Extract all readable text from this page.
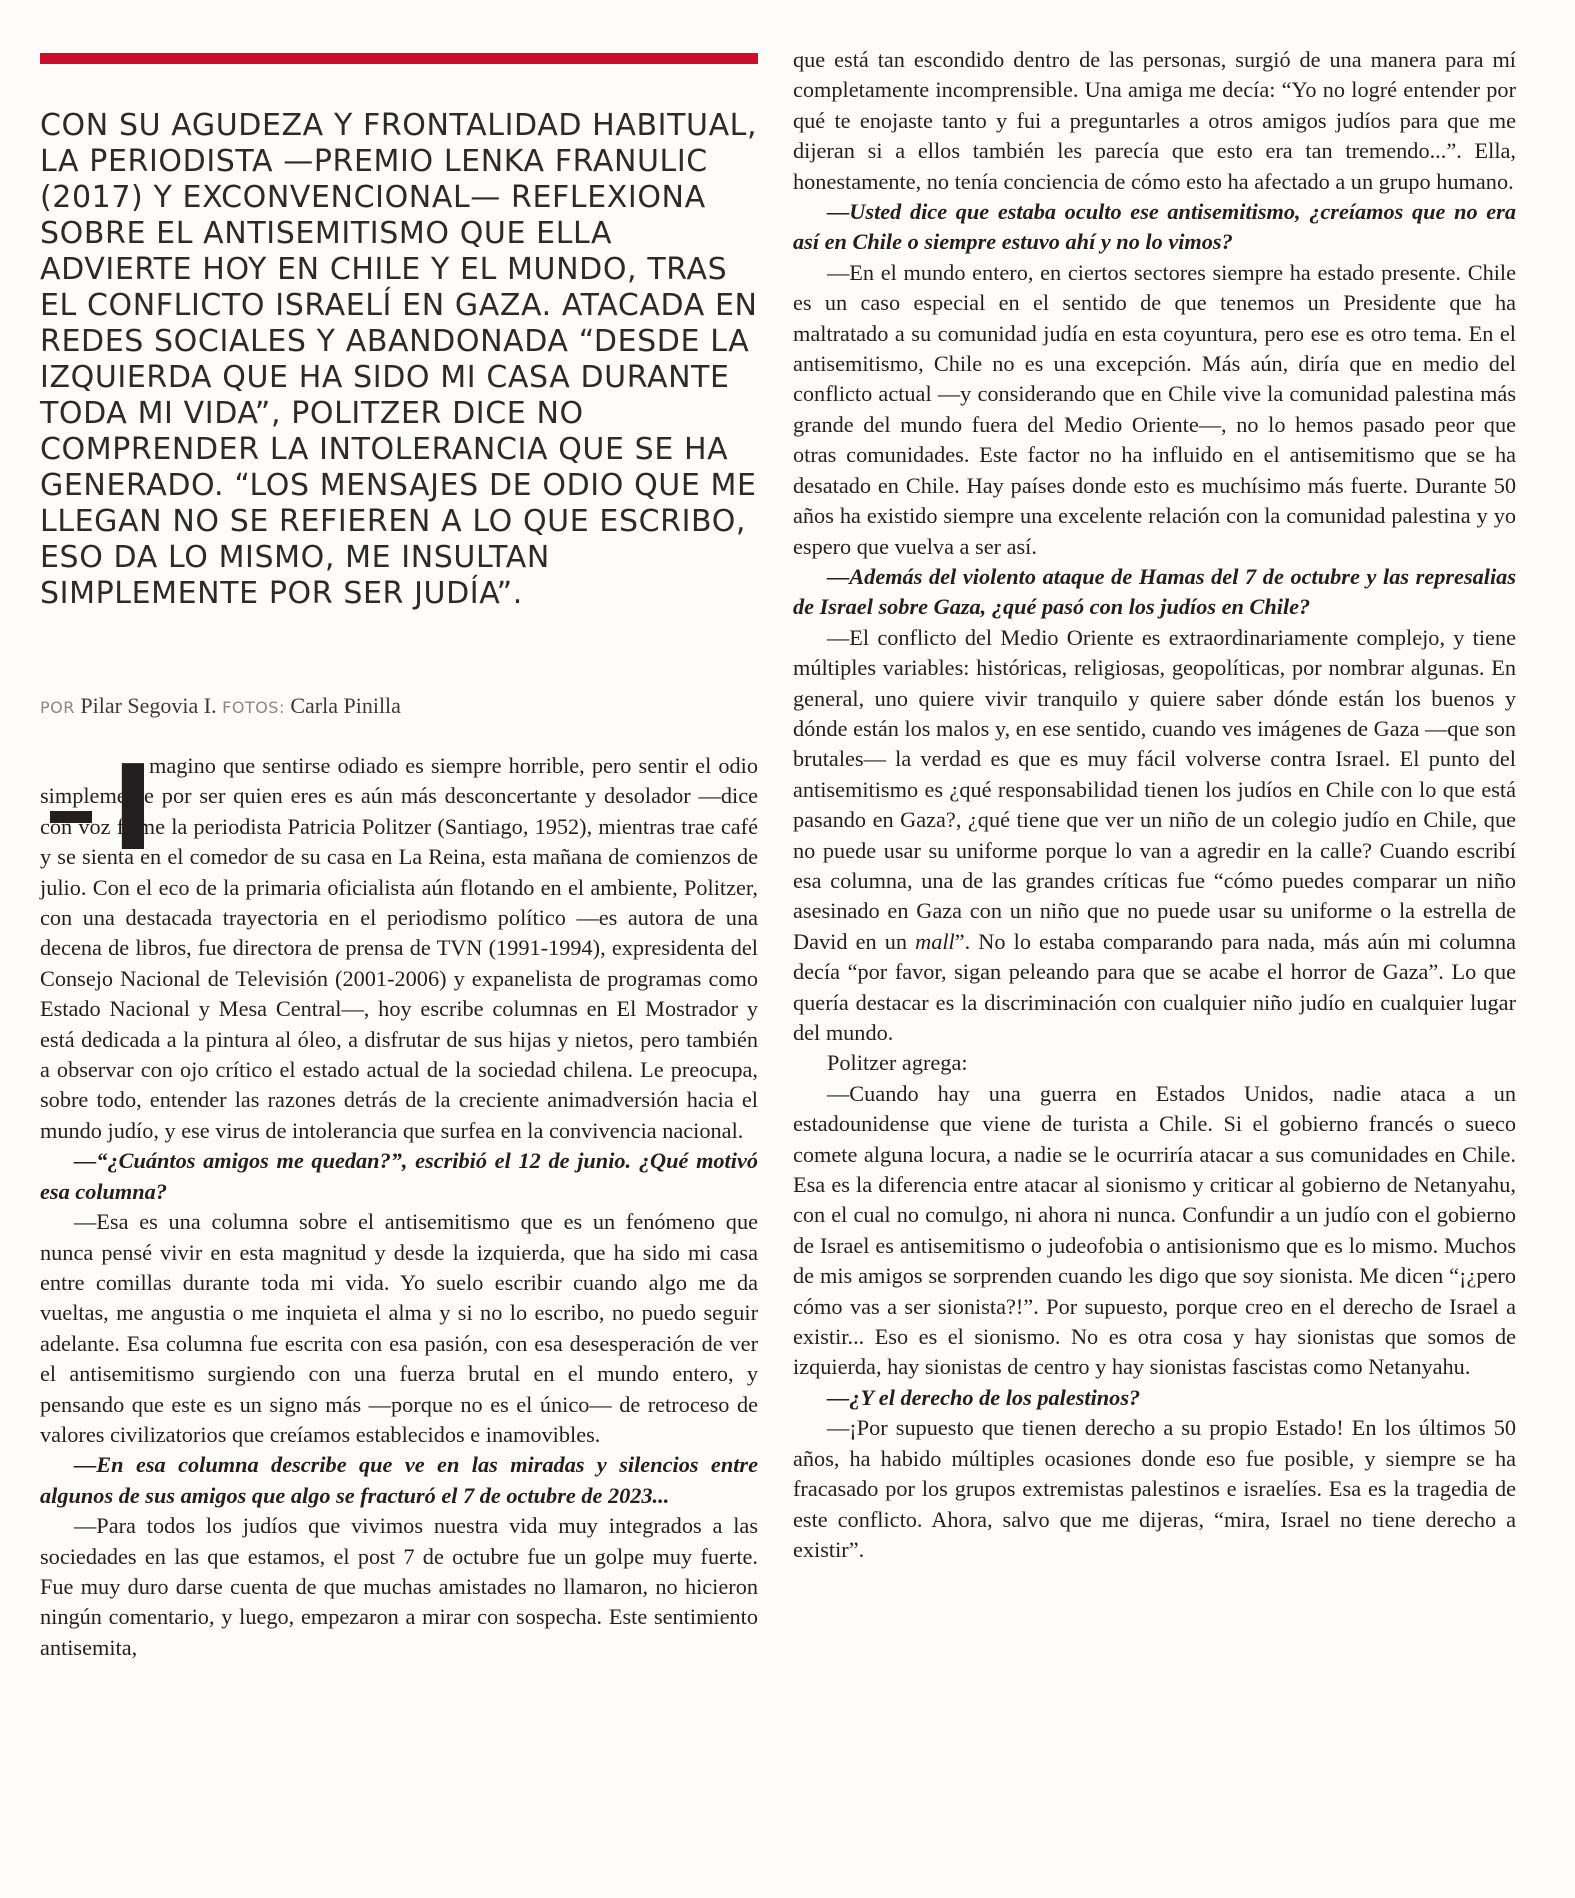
CON SU AGUDEZA Y FRONTALIDAD HABITUAL, LA PERIODISTA —PREMIO LENKA FRANULIC (2017) Y EXCONVENCIONAL— REFLEXIONA SOBRE EL ANTISEMITISMO QUE ELLA ADVIERTE HOY EN CHILE Y EL MUNDO, TRAS EL CONFLICTO ISRAELÍ EN GAZA. ATACADA EN REDES SOCIALES Y ABANDONADA “DESDE LA IZQUIERDA QUE HA SIDO MI CASA DURANTE TODA MI VIDA”, POLITZER DICE NO COMPRENDER LA INTOLERANCIA QUE SE HA GENERADO. “LOS MENSAJES DE ODIO QUE ME LLEGAN NO SE REFIEREN A LO QUE ESCRIBO, ESO DA LO MISMO, ME INSULTAN SIMPLEMENTE POR SER JUDÍA”.

POR Pilar Segovia I. FOTOS: Carla Pinilla

I

magino que sentirse odiado es siempre horrible, pero sentir el odio simplemente por ser quien eres es aún más desconcertante y desolador —dice con voz firme la periodista Patricia Politzer (Santiago, 1952), mientras trae café y se sienta en el comedor de su casa en La Reina, esta mañana de comienzos de julio. Con el eco de la primaria oficialista aún flotando en el ambiente, Politzer, con una destacada trayectoria en el periodismo político —es autora de una decena de libros, fue directora de prensa de TVN (1991-1994), expresidenta del Consejo Nacional de Televisión (2001-2006) y expanelista de programas como Estado Nacional y Mesa Central—, hoy escribe columnas en El Mostrador y está dedicada a la pintura al óleo, a disfrutar de sus hijas y nietos, pero también a observar con ojo crítico el estado actual de la sociedad chilena. Le preocupa, sobre todo, entender las razones detrás de la creciente animadversión hacia el mundo judío, y ese virus de intolerancia que surfea en la convivencia nacional.

—“¿Cuántos amigos me quedan?”, escribió el 12 de junio. ¿Qué motivó esa columna?

—Esa es una columna sobre el antisemitismo que es un fenómeno que nunca pensé vivir en esta magnitud y desde la izquierda, que ha sido mi casa entre comillas durante toda mi vida. Yo suelo escribir cuando algo me da vueltas, me angustia o me inquieta el alma y si no lo escribo, no puedo seguir adelante. Esa columna fue escrita con esa pasión, con esa desesperación de ver el antisemitismo surgiendo con una fuerza brutal en el mundo entero, y pensando que este es un signo más —porque no es el único— de retroceso de valores civilizatorios que creíamos establecidos e inamovibles.

—En esa columna describe que ve en las miradas y silencios entre algunos de sus amigos que algo se fracturó el 7 de octubre de 2023...

—Para todos los judíos que vivimos nuestra vida muy integrados a las sociedades en las que estamos, el post 7 de octubre fue un golpe muy fuerte. Fue muy duro darse cuenta de que muchas amistades no llamaron, no hicieron ningún comentario, y luego, empezaron a mirar con sospecha. Este sentimiento antisemita,

que está tan escondido dentro de las personas, surgió de una manera para mí completamente incomprensible. Una amiga me decía: “Yo no logré entender por qué te enojaste tanto y fui a preguntarles a otros amigos judíos para que me dijeran si a ellos también les parecía que esto era tan tremendo...”. Ella, honestamente, no tenía conciencia de cómo esto ha afectado a un grupo humano.

—Usted dice que estaba oculto ese antisemitismo, ¿creíamos que no era así en Chile o siempre estuvo ahí y no lo vimos?

—En el mundo entero, en ciertos sectores siempre ha estado presente. Chile es un caso especial en el sentido de que tenemos un Presidente que ha maltratado a su comunidad judía en esta coyuntura, pero ese es otro tema. En el antisemitismo, Chile no es una excepción. Más aún, diría que en medio del conflicto actual —y considerando que en Chile vive la comunidad palestina más grande del mundo fuera del Medio Oriente—, no lo hemos pasado peor que otras comunidades. Este factor no ha influido en el antisemitismo que se ha desatado en Chile. Hay países donde esto es muchísimo más fuerte. Durante 50 años ha existido siempre una excelente relación con la comunidad palestina y yo espero que vuelva a ser así.

—Además del violento ataque de Hamas del 7 de octubre y las represalias de Israel sobre Gaza, ¿qué pasó con los judíos en Chile?

—El conflicto del Medio Oriente es extraordinariamente complejo, y tiene múltiples variables: históricas, religiosas, geopolíticas, por nombrar algunas. En general, uno quiere vivir tranquilo y quiere saber dónde están los buenos y dónde están los malos y, en ese sentido, cuando ves imágenes de Gaza —que son brutales— la verdad es que es muy fácil volverse contra Israel. El punto del antisemitismo es ¿qué responsabilidad tienen los judíos en Chile con lo que está pasando en Gaza?, ¿qué tiene que ver un niño de un colegio judío en Chile, que no puede usar su uniforme porque lo van a agredir en la calle? Cuando escribí esa columna, una de las grandes críticas fue “cómo puedes comparar un niño asesinado en Gaza con un niño que no puede usar su uniforme o la estrella de David en un mall”. No lo estaba comparando para nada, más aún mi columna decía “por favor, sigan peleando para que se acabe el horror de Gaza”. Lo que quería destacar es la discriminación con cualquier niño judío en cualquier lugar del mundo.

Politzer agrega:

—Cuando hay una guerra en Estados Unidos, nadie ataca a un estadounidense que viene de turista a Chile. Si el gobierno francés o sueco comete alguna locura, a nadie se le ocurriría atacar a sus comunidades en Chile. Esa es la diferencia entre atacar al sionismo y criticar al gobierno de Netanyahu, con el cual no comulgo, ni ahora ni nunca. Confundir a un judío con el gobierno de Israel es antisemitismo o judeofobia o antisionismo que es lo mismo. Muchos de mis amigos se sorprenden cuando les digo que soy sionista. Me dicen “¡¿pero cómo vas a ser sionista?!”. Por supuesto, porque creo en el derecho de Israel a existir... Eso es el sionismo. No es otra cosa y hay sionistas que somos de izquierda, hay sionistas de centro y hay sionistas fascistas como Netanyahu.

—¿Y el derecho de los palestinos?

—¡Por supuesto que tienen derecho a su propio Estado! En los últimos 50 años, ha habido múltiples ocasiones donde eso fue posible, y siempre se ha fracasado por los grupos extremistas palestinos e israelíes. Esa es la tragedia de este conflicto. Ahora, salvo que me dijeras, “mira, Israel no tiene derecho a existir”.
